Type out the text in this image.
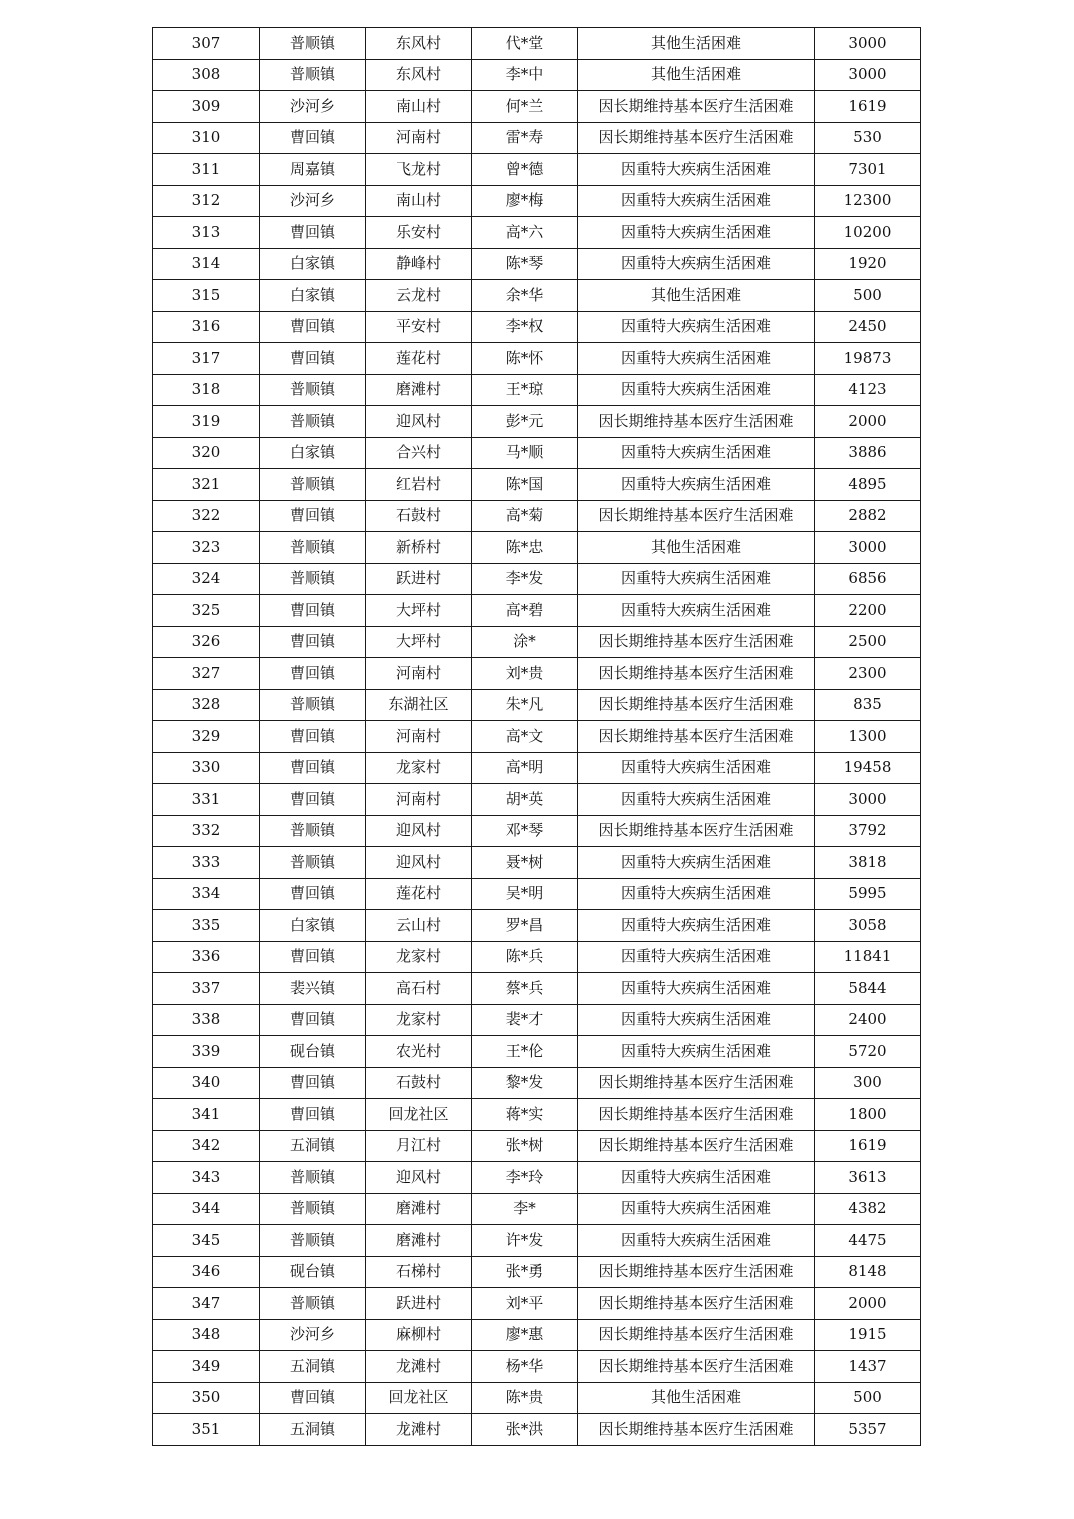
307	普顺镇	东风村	代*堂	其他生活困难	3000
308	普顺镇	东风村	李*中	其他生活困难	3000
309	沙河乡	南山村	何*兰	因长期维持基本医疗生活困难	1619
310	曹回镇	河南村	雷*寿	因长期维持基本医疗生活困难	530
311	周嘉镇	飞龙村	曾*德	因重特大疾病生活困难	7301
312	沙河乡	南山村	廖*梅	因重特大疾病生活困难	12300
313	曹回镇	乐安村	高*六	因重特大疾病生活困难	10200
314	白家镇	静峰村	陈*琴	因重特大疾病生活困难	1920
315	白家镇	云龙村	余*华	其他生活困难	500
316	曹回镇	平安村	李*权	因重特大疾病生活困难	2450
317	曹回镇	莲花村	陈*怀	因重特大疾病生活困难	19873
318	普顺镇	磨滩村	王*琼	因重特大疾病生活困难	4123
319	普顺镇	迎风村	彭*元	因长期维持基本医疗生活困难	2000
320	白家镇	合兴村	马*顺	因重特大疾病生活困难	3886
321	普顺镇	红岩村	陈*国	因重特大疾病生活困难	4895
322	曹回镇	石鼓村	高*菊	因长期维持基本医疗生活困难	2882
323	普顺镇	新桥村	陈*忠	其他生活困难	3000
324	普顺镇	跃进村	李*发	因重特大疾病生活困难	6856
325	曹回镇	大坪村	高*碧	因重特大疾病生活困难	2200
326	曹回镇	大坪村	涂*	因长期维持基本医疗生活困难	2500
327	曹回镇	河南村	刘*贵	因长期维持基本医疗生活困难	2300
328	普顺镇	东湖社区	朱*凡	因长期维持基本医疗生活困难	835
329	曹回镇	河南村	高*文	因长期维持基本医疗生活困难	1300
330	曹回镇	龙家村	高*明	因重特大疾病生活困难	19458
331	曹回镇	河南村	胡*英	因重特大疾病生活困难	3000
332	普顺镇	迎风村	邓*琴	因长期维持基本医疗生活困难	3792
333	普顺镇	迎风村	聂*树	因重特大疾病生活困难	3818
334	曹回镇	莲花村	吴*明	因重特大疾病生活困难	5995
335	白家镇	云山村	罗*昌	因重特大疾病生活困难	3058
336	曹回镇	龙家村	陈*兵	因重特大疾病生活困难	11841
337	裴兴镇	高石村	蔡*兵	因重特大疾病生活困难	5844
338	曹回镇	龙家村	裴*才	因重特大疾病生活困难	2400
339	砚台镇	农光村	王*伦	因重特大疾病生活困难	5720
340	曹回镇	石鼓村	黎*发	因长期维持基本医疗生活困难	300
341	曹回镇	回龙社区	蒋*实	因长期维持基本医疗生活困难	1800
342	五洞镇	月江村	张*树	因长期维持基本医疗生活困难	1619
343	普顺镇	迎风村	李*玲	因重特大疾病生活困难	3613
344	普顺镇	磨滩村	李*	因重特大疾病生活困难	4382
345	普顺镇	磨滩村	许*发	因重特大疾病生活困难	4475
346	砚台镇	石梯村	张*勇	因长期维持基本医疗生活困难	8148
347	普顺镇	跃进村	刘*平	因长期维持基本医疗生活困难	2000
348	沙河乡	麻柳村	廖*惠	因长期维持基本医疗生活困难	1915
349	五洞镇	龙滩村	杨*华	因长期维持基本医疗生活困难	1437
350	曹回镇	回龙社区	陈*贵	其他生活困难	500
351	五洞镇	龙滩村	张*洪	因长期维持基本医疗生活困难	5357
